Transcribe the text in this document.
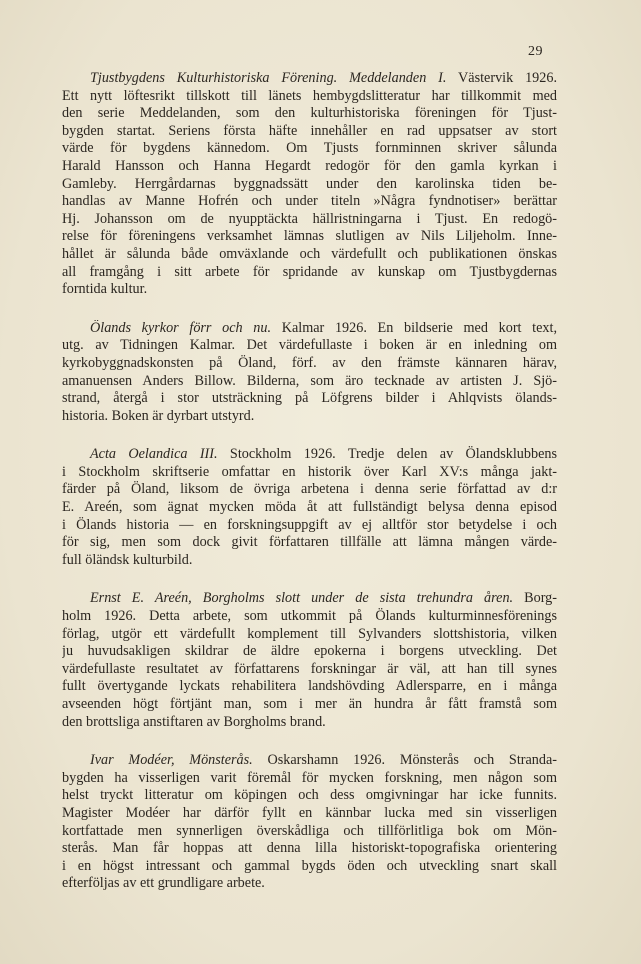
29
Tjustbygdens Kulturhistoriska Förening. Meddelanden I. Västervik 1926.
Ett nytt löftesrikt tillskott till länets hembygdslitteratur har tillkommit med
den serie Meddelanden, som den kulturhistoriska föreningen för Tjust-
bygden startat. Seriens första häfte innehåller en rad uppsatser av stort
värde för bygdens kännedom. Om Tjusts fornminnen skriver sålunda
Harald Hansson och Hanna Hegardt redogör för den gamla kyrkan i
Gamleby. Herrgårdarnas byggnadssätt under den karolinska tiden be-
handlas av Manne Hofrén och under titeln »Några fyndnotiser» berättar
Hj. Johansson om de nyupptäckta hällristningarna i Tjust. En redogö-
relse för föreningens verksamhet lämnas slutligen av Nils Liljeholm. Inne-
hållet är sålunda både omväxlande och värdefullt och publikationen önskas
all framgång i sitt arbete för spridande av kunskap om Tjustbygdernas
forntida kultur.
Ölands kyrkor förr och nu. Kalmar 1926. En bildserie med kort text,
utg. av Tidningen Kalmar. Det värdefullaste i boken är en inledning om
kyrkobyggnadskonsten på Öland, förf. av den främste kännaren härav,
amanuensen Anders Billow. Bilderna, som äro tecknade av artisten J. Sjö-
strand, återgå i stor utsträckning på Löfgrens bilder i Ahlqvists ölands-
historia. Boken är dyrbart utstyrd.
Acta Oelandica III. Stockholm 1926. Tredje delen av Ölandsklubbens
i Stockholm skriftserie omfattar en historik över Karl XV:s många jakt-
färder på Öland, liksom de övriga arbetena i denna serie författad av d:r
E. Areén, som ägnat mycken möda åt att fullständigt belysa denna episod
i Ölands historia — en forskningsuppgift av ej alltför stor betydelse i och
för sig, men som dock givit författaren tillfälle att lämna mången värde-
full öländsk kulturbild.
Ernst E. Areén, Borgholms slott under de sista trehundra åren. Borg-
holm 1926. Detta arbete, som utkommit på Ölands kulturminnesförenings
förlag, utgör ett värdefullt komplement till Sylvanders slottshistoria, vilken
ju huvudsakligen skildrar de äldre epokerna i borgens utveckling. Det
värdefullaste resultatet av författarens forskningar är väl, att han till synes
fullt övertygande lyckats rehabilitera landshövding Adlersparre, en i många
avseenden högt förtjänt man, som i mer än hundra år fått framstå som
den brottsliga anstiftaren av Borgholms brand.
Ivar Modéer, Mönsterås. Oskarshamn 1926. Mönsterås och Stranda-
bygden ha visserligen varit föremål för mycken forskning, men någon som
helst tryckt litteratur om köpingen och dess omgivningar har icke funnits.
Magister Modéer har därför fyllt en kännbar lucka med sin visserligen
kortfattade men synnerligen överskådliga och tillförlitliga bok om Mön-
sterås. Man får hoppas att denna lilla historiskt-topografiska orientering
i en högst intressant och gammal bygds öden och utveckling snart skall
efterföljas av ett grundligare arbete.
